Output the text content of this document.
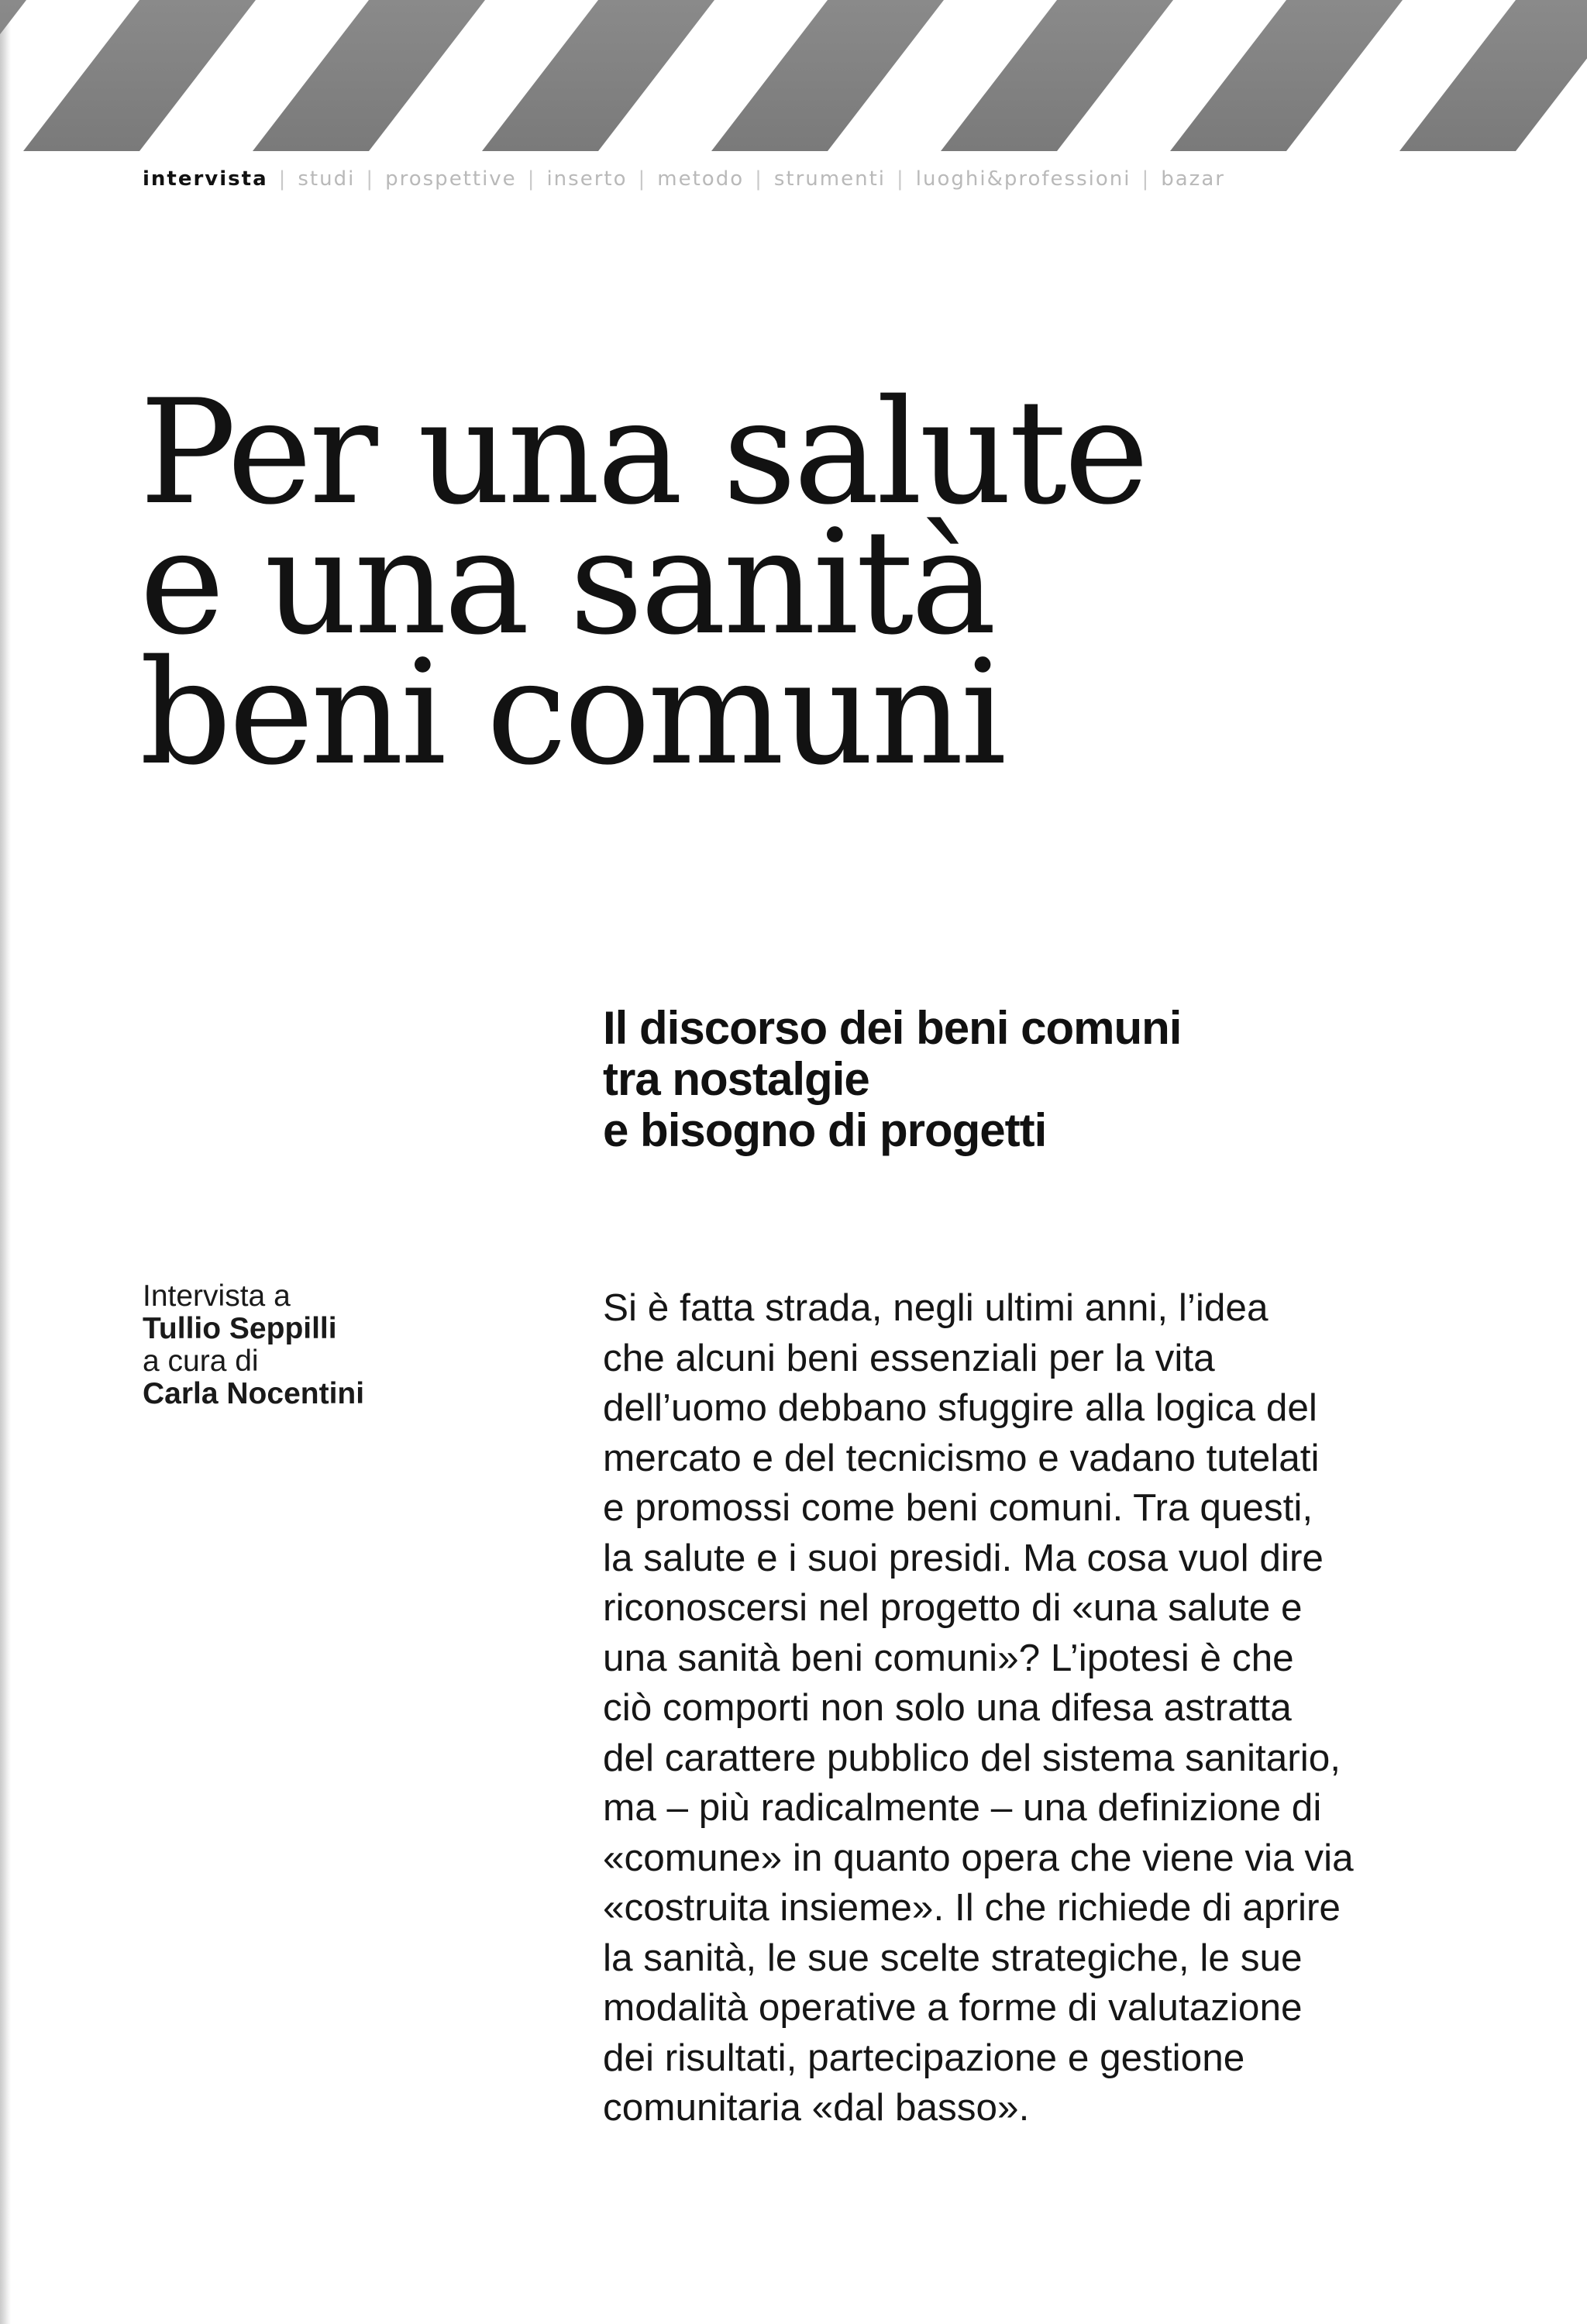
intervista | studi | prospettive | inserto | metodo | strumenti | luoghi&professioni | bazar
Per una salute
e una sanità
beni comuni
Il discorso dei beni comuni
tra nostalgie
e bisogno di progetti
Intervista a
Tullio Seppilli
a cura di
Carla Nocentini

Si è fatta strada, negli ultimi anni, l’idea
che alcuni beni essenziali per la vita
dell’uomo debbano sfuggire alla logica del
mercato e del tecnicismo e vadano tutelati
e promossi come beni comuni. Tra questi,
la salute e i suoi presidi. Ma cosa vuol dire
riconoscersi nel progetto di «una salute e
una sanità beni comuni»? L’ipotesi è che
ciò comporti non solo una difesa astratta
del carattere pubblico del sistema sanitario,
ma – più radicalmente – una definizione di
«comune» in quanto opera che viene via via
«costruita insieme». Il che richiede di aprire
la sanità, le sue scelte strategiche, le sue
modalità operative a forme di valutazione
dei risultati, partecipazione e gestione
comunitaria «dal basso».
